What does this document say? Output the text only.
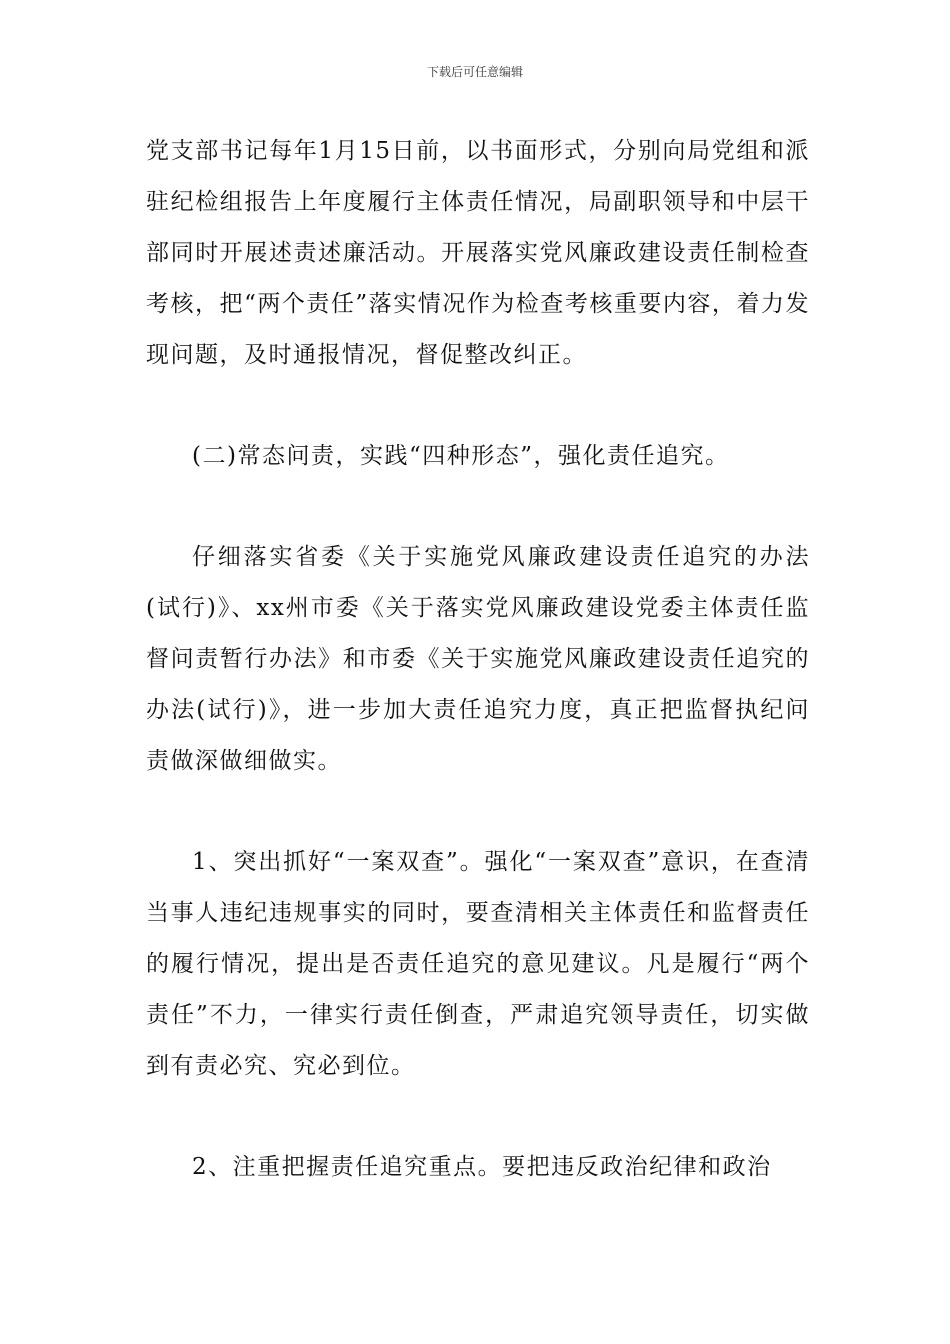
下载后可任意编辑

党支部书记每年1月15日前，以书面形式，分别向局党组和派驻纪检组报告上年度履行主体责任情况，局副职领导和中层干部同时开展述责述廉活动。开展落实党风廉政建设责任制检查考核，把“两个责任”落实情况作为检查考核重要内容，着力发现问题，及时通报情况，督促整改纠正。

(二)常态问责，实践“四种形态”，强化责任追究。

仔细落实省委《关于实施党风廉政建设责任追究的办法(试行)》、xx州市委《关于落实党风廉政建设党委主体责任监督问责暂行办法》和市委《关于实施党风廉政建设责任追究的办法(试行)》，进一步加大责任追究力度，真正把监督执纪问责做深做细做实。

1、突出抓好“一案双查”。强化“一案双查”意识，在查清当事人违纪违规事实的同时，要查清相关主体责任和监督责任的履行情况，提出是否责任追究的意见建议。凡是履行“两个责任”不力，一律实行责任倒查，严肃追究领导责任，切实做到有责必究、究必到位。

2、注重把握责任追究重点。要把违反政治纪律和政治
